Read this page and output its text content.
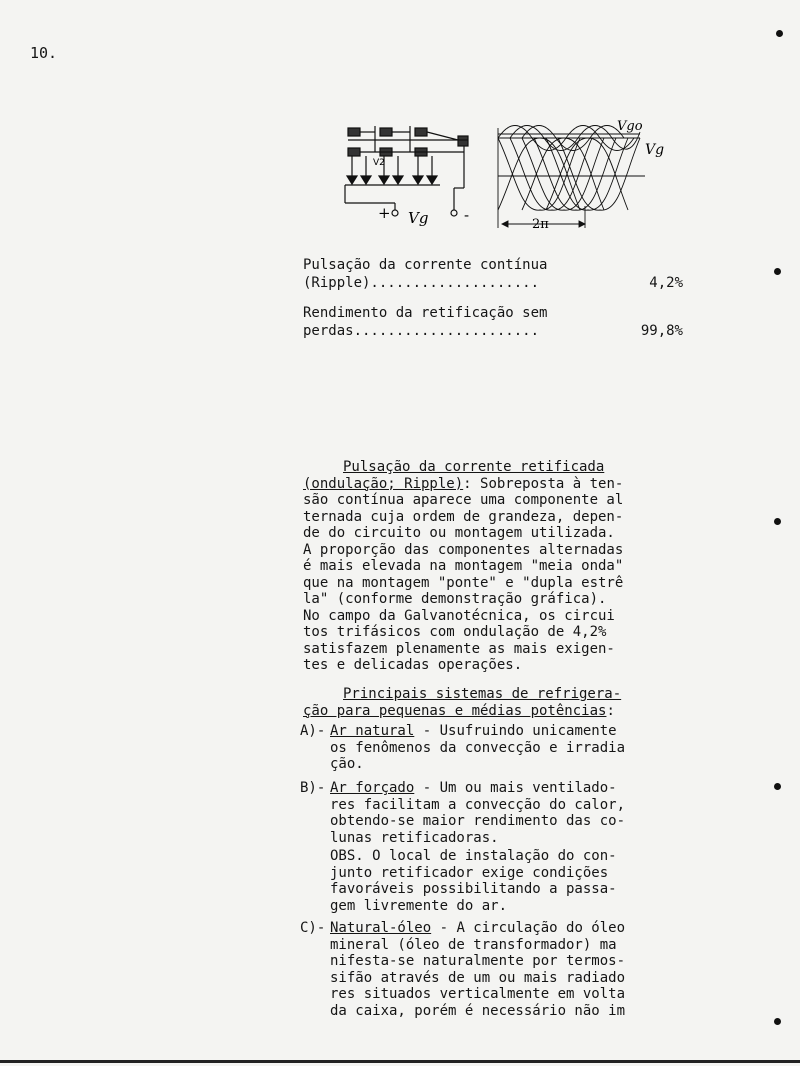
10.
V2
+ Vg -
Vgo
Vg
2π
Pulsação da corrente contínua
(Ripple)....................	4,2%
Rendimento da retificação sem
perdas......................	99,8%
Pulsação da corrente retificada
(ondulação; Ripple): Sobreposta à ten-
são contínua aparece uma componente al
ternada cuja ordem de grandeza, depen-
de do circuito ou montagem utilizada.
A proporção das componentes alternadas
é mais elevada na montagem "meia onda"
que na montagem "ponte" e "dupla estrê
la" (conforme demonstração gráfica).
No campo da Galvanotécnica, os circui
tos trifásicos com ondulação de 4,2%
satisfazem plenamente as mais exigen-
tes e delicadas operações.
Principais sistemas de refrigera-
ção para pequenas e médias potências:
A)- Ar natural - Usufruindo unicamente
os fenômenos da convecção e irradia
ção.
B)- Ar forçado - Um ou mais ventilado-
res facilitam a convecção do calor,
obtendo-se maior rendimento das co-
lunas retificadoras.
OBS. O local de instalação do con-
junto retificador exige condições
favoráveis possibilitando a passa-
gem livremente do ar.
C)- Natural-óleo - A circulação do óleo
mineral (óleo de transformador) ma
nifesta-se naturalmente por termos-
sifão através de um ou mais radiado
res situados verticalmente em volta
da caixa, porém é necessário não im
